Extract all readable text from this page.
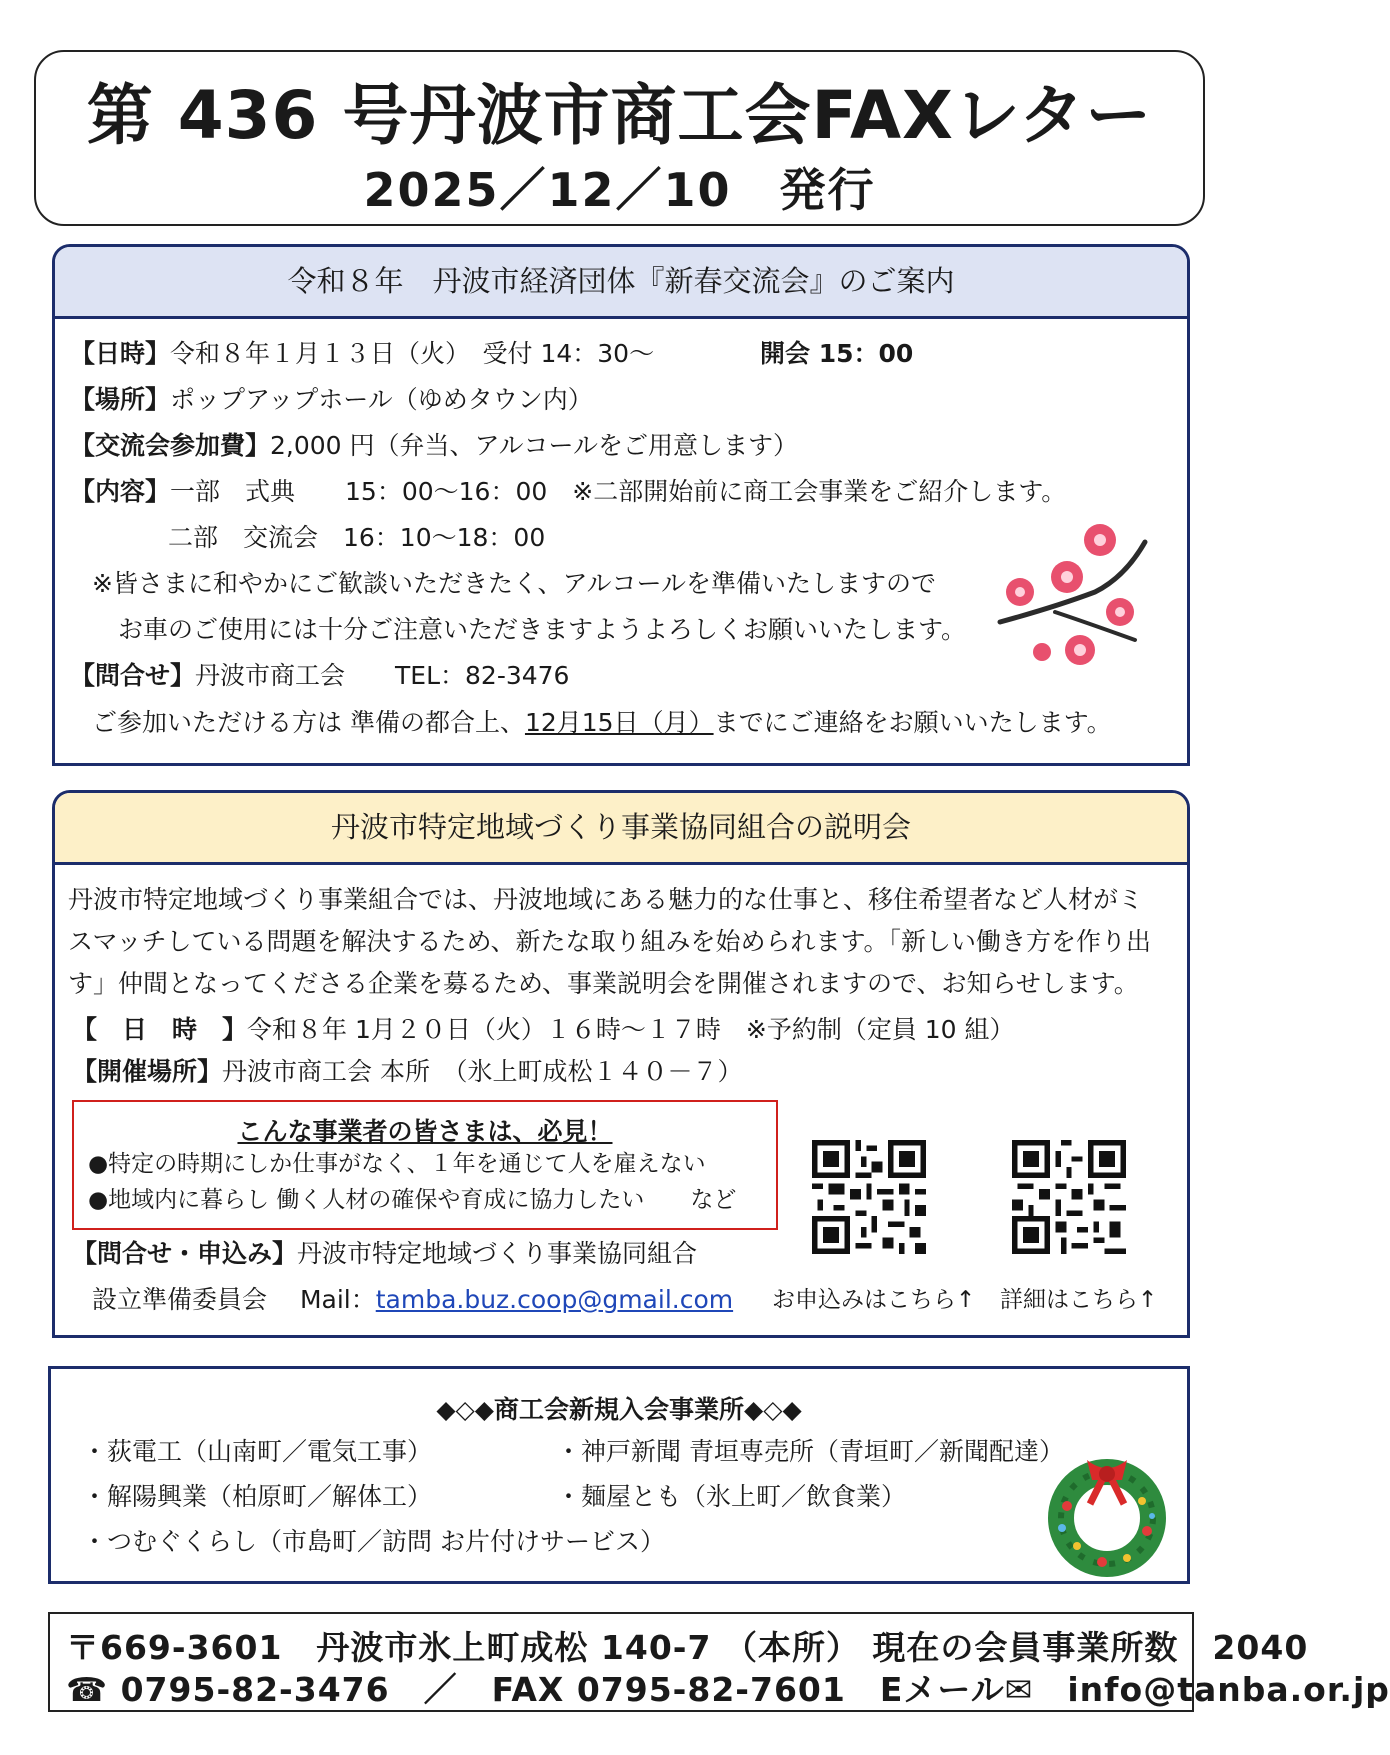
第 436 号丹波市商工会FAXレター
2025／12／10　発行
令和８年　丹波市経済団体『新春交流会』のご案内
【日時】令和８年１月１３日（火）　受付 14：30～	開会 15：00
【場所】ポップアップホール（ゆめタウン内）
【交流会参加費】2,000 円（弁当、アルコールをご用意します）
【内容】一部　式典　　15：00～16：00　※二部開始前に商工会事業をご紹介します。
二部　交流会　16：10～18：00
※皆さまに和やかにご歓談いただきたく、アルコールを準備いたしますので
お車のご使用には十分ご注意いただきますようよろしくお願いいたします。
【問合せ】丹波市商工会　　TEL：82-3476
ご参加いただける方は 準備の都合上、12月15日（月）までにご連絡をお願いいたします。
丹波市特定地域づくり事業協同組合の説明会
丹波市特定地域づくり事業組合では、丹波地域にある魅力的な仕事と、移住希望者など人材がミ
スマッチしている問題を解決するため、新たな取り組みを始められます。「新しい働き方を作り出
す」仲間となってくださる企業を募るため、事業説明会を開催されますので、お知らせします。
【　日　時　】令和８年 1月２０日（火）１６時～１７時　※予約制（定員 10 組）
【開催場所】丹波市商工会 本所　（氷上町成松１４０－７）
こんな事業者の皆さまは、必見！
●特定の時期にしか仕事がなく、１年を通じて人を雇えない
●地域内に暮らし 働く人材の確保や育成に協力したい　　など
【問合せ・申込み】丹波市特定地域づくり事業協同組合
設立準備委員会　 Mail：tamba.buz.coop@gmail.com お申込みはこちら↑ 詳細はこちら↑
◆◇◆商工会新規入会事業所◆◇◆
・荻電工（山南町／電気工事）	・神戸新聞 青垣専売所（青垣町／新聞配達）
・解陽興業（柏原町／解体工）	・麺屋とも（氷上町／飲食業）
・つむぐくらし（市島町／訪問 お片付けサービス）
〒669-3601　丹波市氷上町成松 140-7 （本所） 現在の会員事業所数　2040
☎ 0795-82-3476　／　FAX 0795-82-7601　Eメール✉　info@tanba.or.jp
